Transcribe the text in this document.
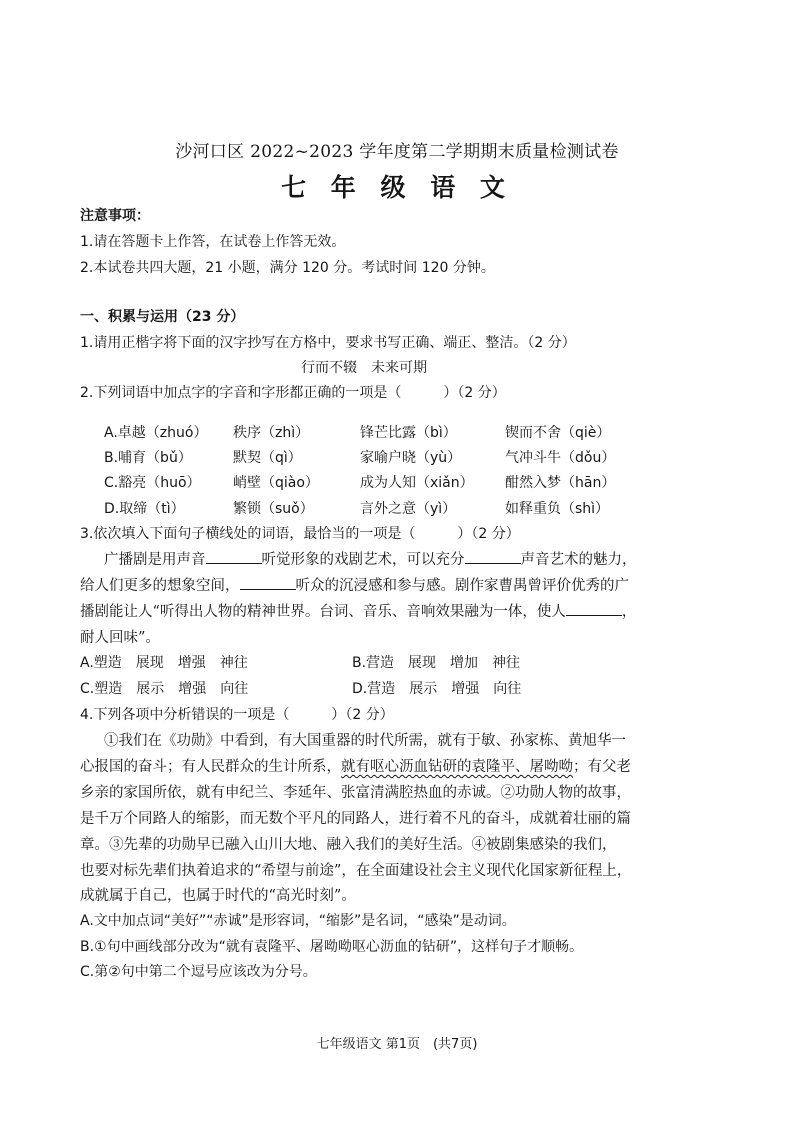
沙河口区 2022~2023 学年度第二学期期末质量检测试卷
七 年 级 语 文
注意事项：
1.请在答题卡上作答，在试卷上作答无效。
2.本试卷共四大题，21 小题，满分 120 分。考试时间 120 分钟。
一、积累与运用（23 分）
1.请用正楷字将下面的汉字抄写在方格中，要求书写正确、端正、整洁。（2 分）
行而不辍　未来可期
2.下列词语中加点字的字音和字形都正确的一项是（	）（2 分）
A.卓越（zhuó） 秩序（zhì）	锋芒比露（bì）	锲而不舍（qiè）
B.哺育（bǔ）	默契（qì）	家喻户晓（yù）	气冲斗牛（dǒu）
C.豁亮（huō） 峭壁（qiào）	成为人知（xiǎn） 酣然入梦（hān）
D.取缔（tì）	繁锁（suǒ）	言外之意（yì）	如释重负（shì）
3.依次填入下面句子横线处的词语，最恰当的一项是（	）（2 分）
广播剧是用声音	听觉形象的戏剧艺术，可以充分	声音艺术的魅力，
给人们更多的想象空间，	听众的沉浸感和参与感。剧作家曹禺曾评价优秀的广
播剧能让人“听得出人物的精神世界。台词、音乐、音响效果融为一体，使人	，
耐人回味”。
A.塑造　展现　增强　神往	B.营造　展现　增加　神往
C.塑造　展示　增强　向往	D.营造　展示　增强　向往
4.下列各项中分析错误的一项是（	）（2 分）
①我们在《功勋》中看到，有大国重器的时代所需，就有于敏、孙家栋、黄旭华一
心报国的奋斗；有人民群众的生计所系，就有呕心沥血钻研的袁隆平、屠呦呦；有父老
乡亲的家国所依，就有申纪兰、李延年、张富清满腔热血的赤诚。②功勋人物的故事，
是千万个同路人的缩影，而无数个平凡的同路人，进行着不凡的奋斗，成就着壮丽的篇
章。③先辈的功勋早已融入山川大地、融入我们的美好生活。④被剧集感染的我们，
也要对标先辈们执着追求的“希望与前途”，在全面建设社会主义现代化国家新征程上，
成就属于自己，也属于时代的“高光时刻”。
A.文中加点词“美好”“赤诚”是形容词，“缩影”是名词，“感染”是动词。
B.①句中画线部分改为“就有袁隆平、屠呦呦呕心沥血的钻研”，这样句子才顺畅。
C.第②句中第二个逗号应该改为分号。
七年级语文 第1页　(共7页)
